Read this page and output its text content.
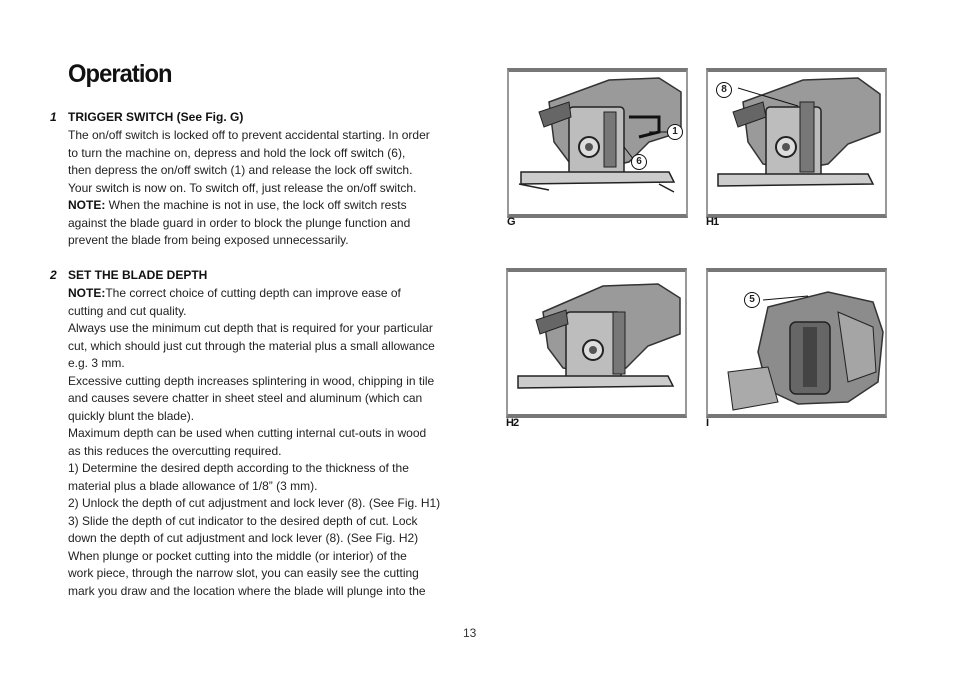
Operation
1 TRIGGER SWITCH (See Fig. G)
The on/off switch is locked off to prevent accidental starting. In order
to turn the machine on, depress and hold the lock off switch (6),
then depress the on/off switch (1) and release the lock off switch.
Your switch is now on. To switch off, just release the on/off switch.
NOTE: When the machine is not in use, the lock off switch rests
against the blade guard in order to block the plunge function and
prevent the blade from being exposed unnecessarily.
2 SET THE BLADE DEPTH
NOTE:The correct choice of cutting depth can improve ease of
cutting and cut quality.
Always use the minimum cut depth that is required for your particular
cut, which should just cut through the material plus a small allowance
e.g. 3 mm.
Excessive cutting depth increases splintering in wood, chipping in tile
and causes severe chatter in sheet steel and aluminum (which can
quickly blunt the blade).
Maximum depth can be used when cutting internal cut-outs in wood
as this reduces the overcutting required.
1) Determine the desired depth according to the thickness of the
material plus a blade allowance of 1/8” (3 mm).
2) Unlock the depth of cut adjustment and lock lever (8). (See Fig. H1)
3) Slide the depth of cut indicator to the desired depth of cut. Lock
down the depth of cut adjustment and lock lever (8). (See Fig. H2)
When plunge or pocket cutting into the middle (or interior) of the
work piece, through the narrow slot, you can easily see the cutting
mark you draw and the location where the blade will plunge into the
1
6
G
8
H1
H2
5
I
13
